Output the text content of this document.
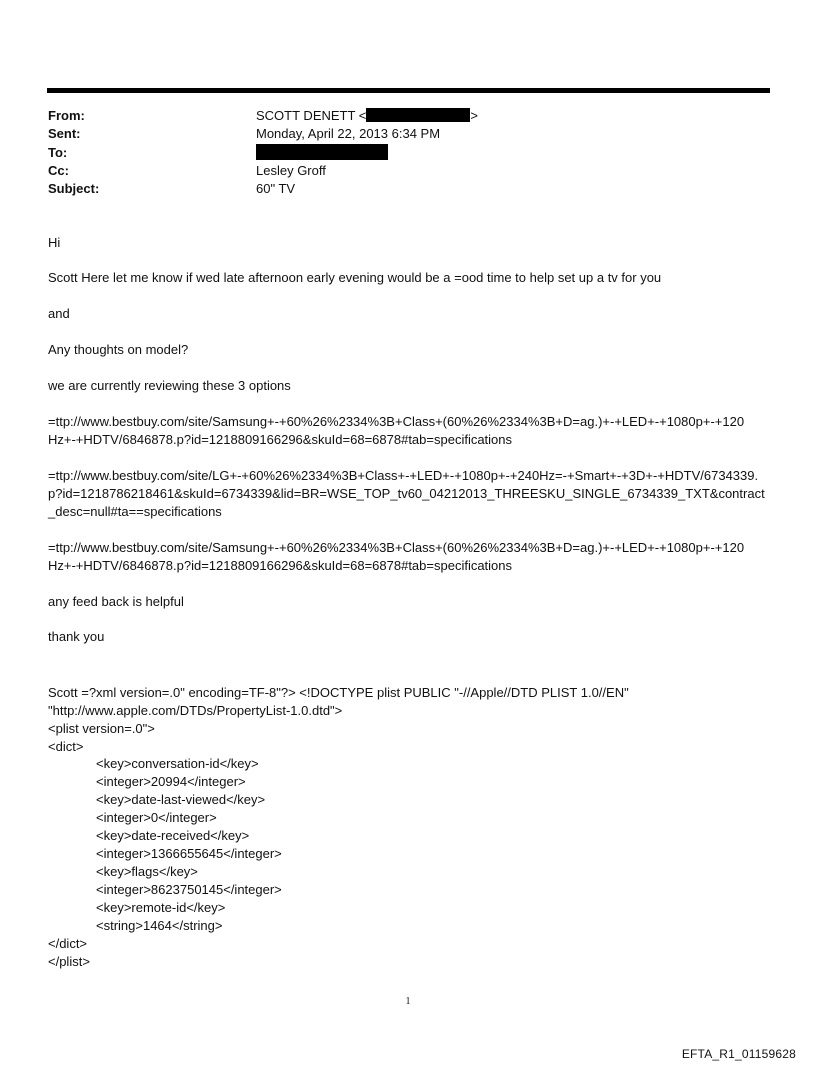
From:	SCOTT DENETT <	>
Sent:	Monday, April 22, 2013 6:34 PM
To:
Cc:	Lesley Groff
Subject:	60" TV
Hi
Scott Here let me know if wed late afternoon early evening would be a =ood time to help set up a tv for you
and
Any thoughts on model?
we are currently reviewing these 3 options
=ttp://www.bestbuy.com/site/Samsung+-+60%26%2334%3B+Class+(60%26%2334%3B+D=ag.)+-+LED+-+1080p+-+120Hz+-+HDTV/6846878.p?id=1218809166296&skuId=68=6878#tab=specifications
=ttp://www.bestbuy.com/site/LG+-+60%26%2334%3B+Class+-+LED+-+1080p+-+240Hz=-+Smart+-+3D+-+HDTV/6734339.p?id=1218786218461&skuId=6734339&lid=BR=WSE_TOP_tv60_04212013_THREESKU_SINGLE_6734339_TXT&contract_desc=null#ta==specifications
=ttp://www.bestbuy.com/site/Samsung+-+60%26%2334%3B+Class+(60%26%2334%3B+D=ag.)+-+LED+-+1080p+-+120Hz+-+HDTV/6846878.p?id=1218809166296&skuId=68=6878#tab=specifications
any feed back is helpful
thank you
Scott =?xml version=.0" encoding=TF-8"?> <!DOCTYPE plist PUBLIC "-//Apple//DTD PLIST 1.0//EN"
"http://www.apple.com/DTDs/PropertyList-1.0.dtd">
<plist version=.0">
<dict>
<key>conversation-id</key>
<integer>20994</integer>
<key>date-last-viewed</key>
<integer>0</integer>
<key>date-received</key>
<integer>1366655645</integer>
<key>flags</key>
<integer>8623750145</integer>
<key>remote-id</key>
<string>1464</string>
</dict>
</plist>
1
EFTA_R1_01159628
